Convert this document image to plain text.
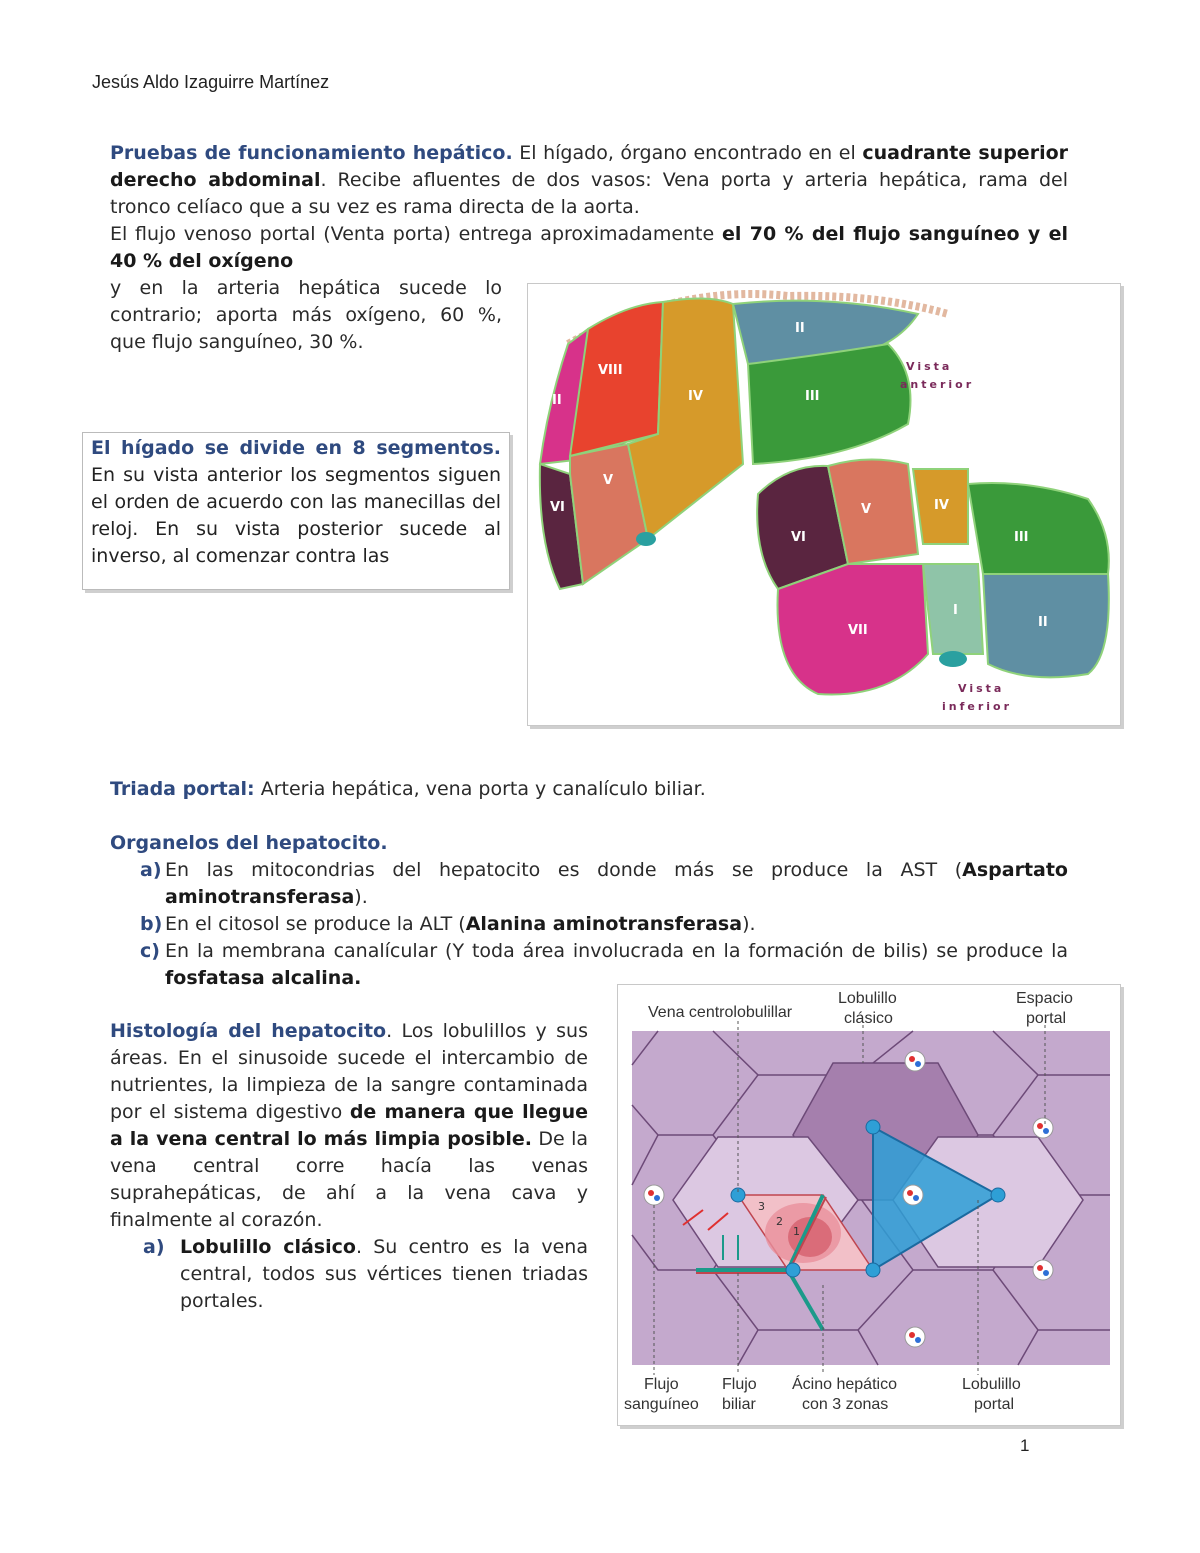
Jesús Aldo Izaguirre Martínez
Pruebas de funcionamiento hepático. El hígado, órgano encontrado en el cuadrante superior derecho abdominal. Recibe afluentes de dos vasos: Vena porta y arteria hepática, rama del tronco celíaco que a su vez es rama directa de la aorta.
El flujo venoso portal (Venta porta) entrega aproximadamente el 70 % del flujo sanguíneo y el 40 % del oxígeno
y en la arteria hepática sucede lo contrario; aporta más oxígeno, 60 %, que flujo sanguíneo, 30 %.
II
VIII
VII	IV	III
VI
V
Vista
anterior
Vista
inferior
V	IV
VI	III
I
II
VII

El hígado se divide en 8 segmentos. En su vista anterior los segmentos siguen el orden de acuerdo con las manecillas del reloj. En su vista posterior sucede al inverso, al comenzar contra las

Triada portal: Arteria hepática, vena porta y canalículo biliar.
Organelos del hepatocito.
a) En las mitocondrias del hepatocito es donde más se produce la AST (Aspartato aminotransferasa).
b) En el citosol se produce la ALT (Alanina aminotransferasa).
c) En la membrana canalícular (Y toda área involucrada en la formación de bilis) se produce la fosfatasa alcalina.
Histología del hepatocito. Los lobulillos y sus áreas. En el sinusoide sucede el intercambio de nutrientes, la limpieza de la sangre contaminada por el sistema digestivo de manera que llegue a la vena central lo más limpia posible. De la vena central corre hacía las venas suprahepáticas, de ahí a la vena cava y finalmente al corazón.
a) Lobulillo clásico. Su centro es la vena central, todos sus vértices tienen triadas portales.
3
2
1
Vena centrolobulillar
Lobulillo
clásico
Espacio
portal
Flujo
sanguíneo
Flujo
biliar
Ácino hepático
con 3 zonas
Lobulillo
portal
1
